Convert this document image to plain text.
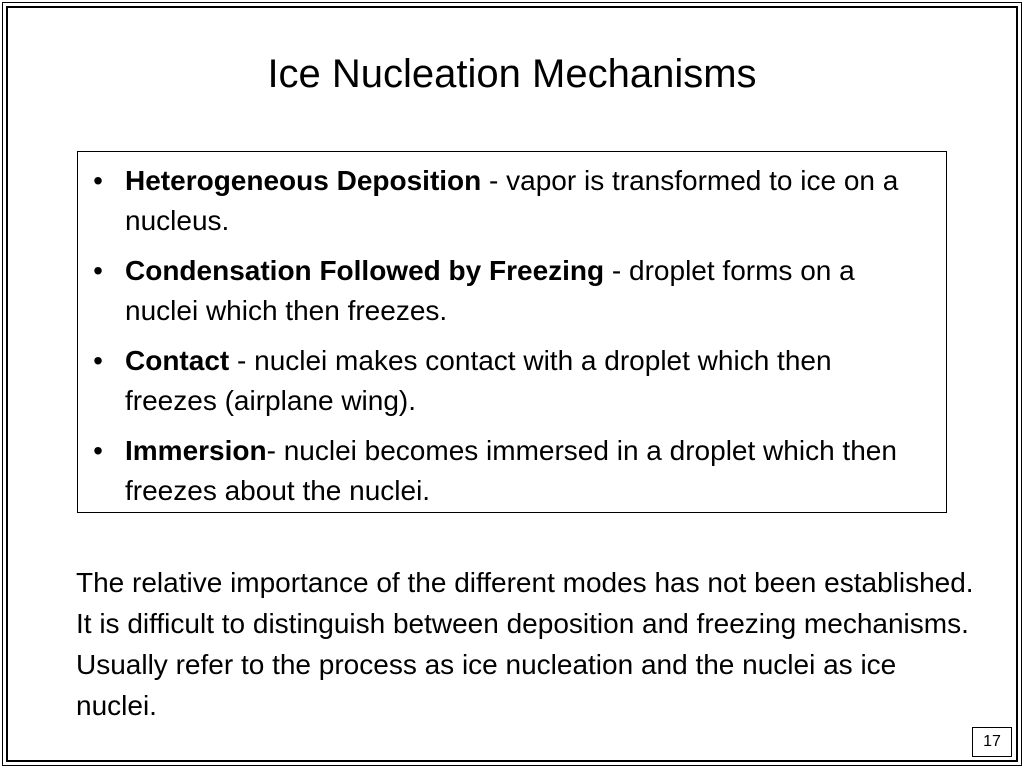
Ice Nucleation Mechanisms
• Heterogeneous Deposition - vapor is transformed to ice on a nucleus.
• Condensation Followed by Freezing - droplet forms on a nuclei which then freezes.
• Contact - nuclei makes contact with a droplet which then freezes (airplane wing).
• Immersion- nuclei becomes immersed in a droplet which then freezes about the nuclei.

The relative importance of the different modes has not been established. It is difficult to distinguish between deposition and freezing mechanisms. Usually refer to the process as ice nucleation and the nuclei as ice nuclei.

17
